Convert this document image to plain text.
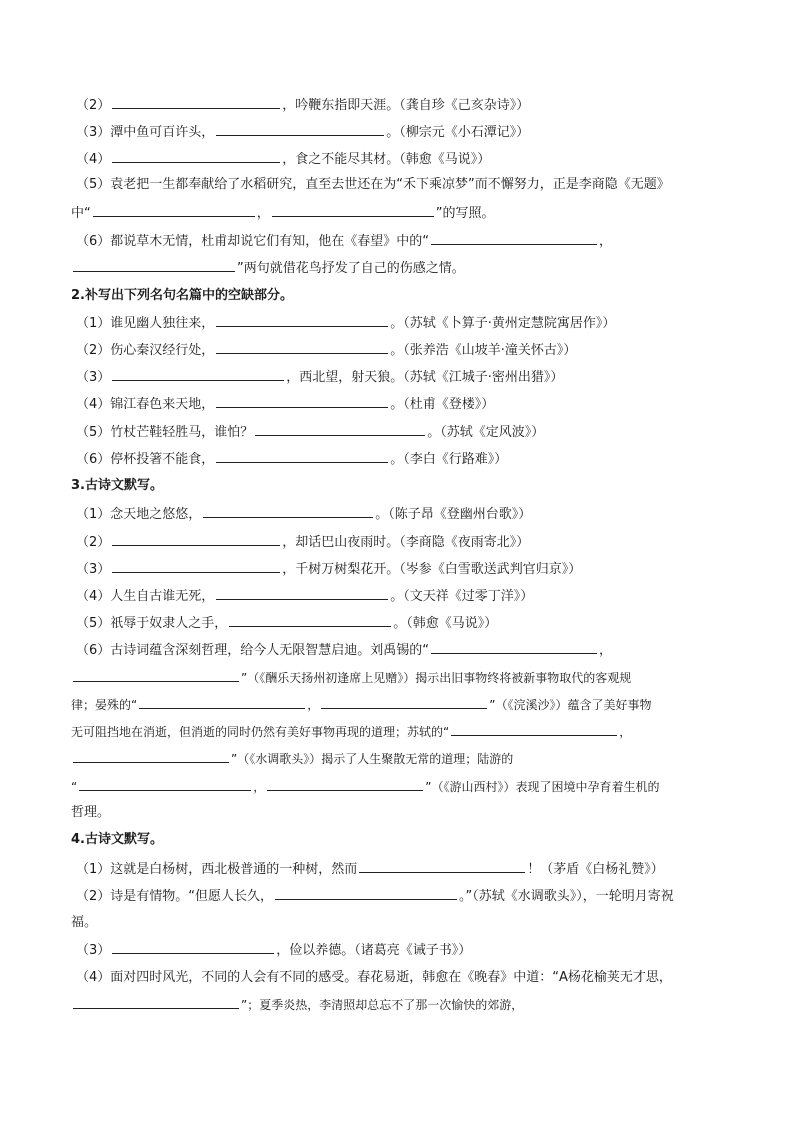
（2）	，吟鞭东指即天涯。（龚自珍《己亥杂诗》）
（3）潭中鱼可百许头，	。（柳宗元《小石潭记》）
（4）	，食之不能尽其材。（韩愈《马说》）
（5）袁老把一生都奉献给了水稻研究，直至去世还在为“禾下乘凉梦”而不懈努力，正是李商隐《无题》
中“	，	”的写照。
（6）都说草木无情，杜甫却说它们有知，他在《春望》中的“	，
”两句就借花鸟抒发了自己的伤感之情。
2.补写出下列名句名篇中的空缺部分。
（1）谁见幽人独往来，	。（苏轼《卜算子·黄州定慧院寓居作》）
（2）伤心秦汉经行处，	。（张养浩《山坡羊·潼关怀古》）
（3）	，西北望，射天狼。（苏轼《江城子·密州出猎》）
（4）锦江春色来天地，	。（杜甫《登楼》）
（5）竹杖芒鞋轻胜马，谁怕？	。（苏轼《定风波》）
（6）停杯投箸不能食，	。（李白《行路难》）
3.古诗文默写。
（1）念天地之悠悠，	。（陈子昂《登幽州台歌》）
（2）	，却话巴山夜雨时。（李商隐《夜雨寄北》）
（3）	，千树万树梨花开。（岑参《白雪歌送武判官归京》）
（4）人生自古谁无死，	。（文天祥《过零丁洋》）
（5）祇辱于奴隶人之手，	。（韩愈《马说》）
（6）古诗词蕴含深刻哲理，给今人无限智慧启迪。刘禹锡的“	，
”（《酬乐天扬州初逢席上见赠》）揭示出旧事物终将被新事物取代的客观规
律；晏殊的“	，	”（《浣溪沙》）蕴含了美好事物
无可阻挡地在消逝，但消逝的同时仍然有美好事物再现的道理；苏轼的“	，
”（《水调歌头》）揭示了人生聚散无常的道理；陆游的
“	，	”（《游山西村》）表现了困境中孕育着生机的
哲理。
4.古诗文默写。
（1）这就是白杨树，西北极普通的一种树，然而	！（茅盾《白杨礼赞》）
（2）诗是有情物。“但愿人长久，	。”（苏轼《水调歌头》），一轮明月寄祝
福。
（3）	，俭以养德。（诸葛亮《诫子书》）
（4）面对四时风光，不同的人会有不同的感受。春花易逝，韩愈在《晚春》中道：“A杨花榆荚无才思，
”；夏季炎热，李清照却总忘不了那一次愉快的郊游，
